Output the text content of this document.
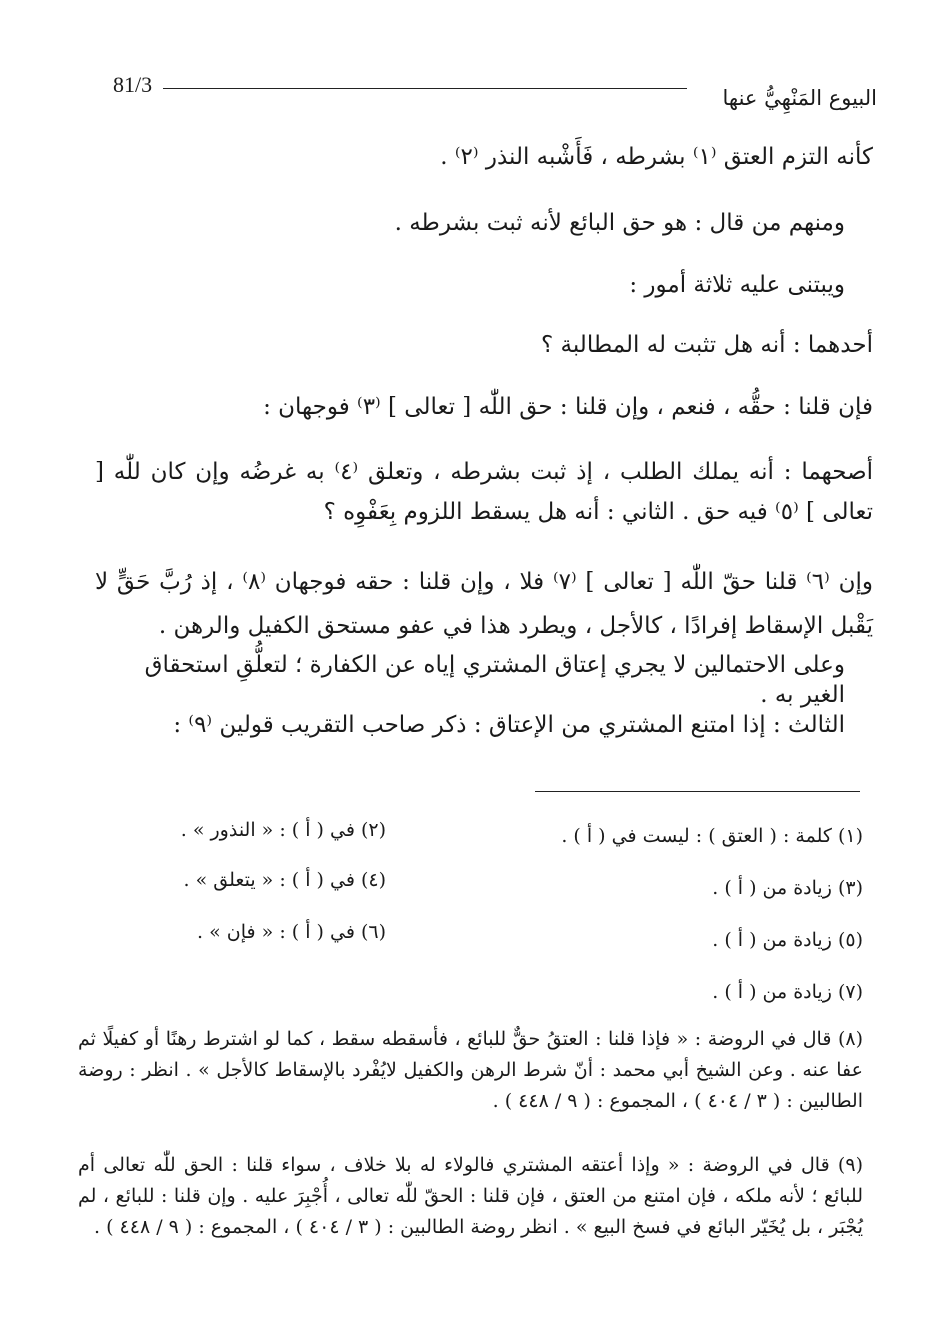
81/3
البيوع المَنْهِيُّ عنها

كأنه التزم العتق ⁽١⁾ بشرطه ، فَأَشْبه النذر ⁽٢⁾ .

ومنهم من قال : هو حق البائع لأنه ثبت بشرطه .

ويبتنى عليه ثلاثة أمور :

أحدهما : أنه هل تثبت له المطالبة ؟

فإن قلنا : حقُّه ، فنعم ، وإن قلنا : حق اللّٰه [ تعالى ] ⁽٣⁾ فوجهان :

أصحهما : أنه يملك الطلب ، إذ ثبت بشرطه ، وتعلق ⁽٤⁾ به غرضُه وإن كان للّٰه [ تعالى ] ⁽٥⁾ فيه حق . الثاني : أنه هل يسقط اللزوم بِعَفْوِه ؟

وإن ⁽٦⁾ قلنا حقّ اللّٰه [ تعالى ] ⁽٧⁾ فلا ، وإن قلنا : حقه فوجهان ⁽٨⁾ ، إذ رُبَّ حَقٍّ لا يَقْبل الإسقاط إفرادًا ، كالأجل ، ويطرد هذا في عفو مستحق الكفيل والرهن .

وعلى الاحتمالين لا يجري إعتاق المشتري إياه عن الكفارة ؛ لتعلُّقِ استحقاق الغير به .

الثالث : إذا امتنع المشتري من الإعتاق : ذكر صاحب التقريب قولين ⁽٩⁾ :

(١) كلمة : ( العتق ) : ليست في ( أ ) .
(٢) في ( أ ) : « النذور » .
(٣) زيادة من ( أ ) .
(٤) في ( أ ) : « يتعلق » .
(٥) زيادة من ( أ ) .
(٦) في ( أ ) : « فإن » .
(٧) زيادة من ( أ ) .
(٨) قال في الروضة : « فإذا قلنا : العتقُ حقٌّ للبائع ، فأسقطه سقط ، كما لو اشترط رهنًا أو كفيلًا ثم عفا عنه . وعن الشيخ أبي محمد : أنّ شرط الرهن والكفيل لايُفْرد بالإسقاط كالأجل » . انظر : روضة الطالبين : ( ٣ / ٤٠٤ ) ، المجموع : ( ٩ / ٤٤٨ ) .
(٩) قال في الروضة : « وإذا أعتقه المشتري فالولاء له بلا خلاف ، سواء قلنا : الحق للّٰه تعالى أم للبائع ؛ لأنه ملكه ، فإن امتنع من العتق ، فإن قلنا : الحقّ للّٰه تعالى ، أُجْبِرَ عليه . وإن قلنا : للبائع ، لم يُجْبَر ، بل يُخَيّر البائع في فسخ البيع » . انظر روضة الطالبين : ( ٣ / ٤٠٤ ) ، المجموع : ( ٩ / ٤٤٨ ) .
